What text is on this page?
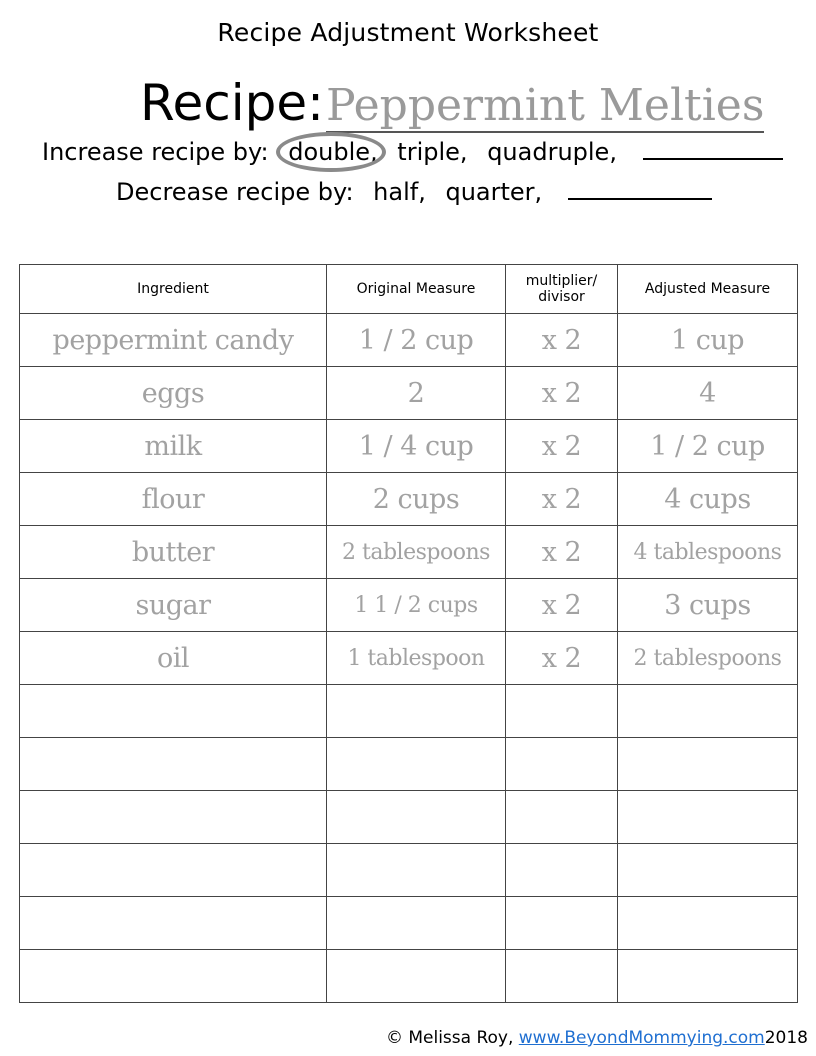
Recipe Adjustment Worksheet
Recipe:Peppermint Melties
Increase recipe by: double, triple, quadruple,
Decrease recipe by: half, quarter,
Ingredient	Original Measure	multiplier/ divisor	Adjusted Measure
peppermint candy	1 / 2 cup	x 2	1 cup
eggs	2	x 2	4
milk	1 / 4 cup	x 2	1 / 2 cup
flour	2 cups	x 2	4 cups
butter	2 tablespoons	x 2	4 tablespoons
sugar	1 1 / 2 cups	x 2	3 cups
oil	1 tablespoon	x 2	2 tablespoons

© Melissa Roy, www.BeyondMommying.com2018
